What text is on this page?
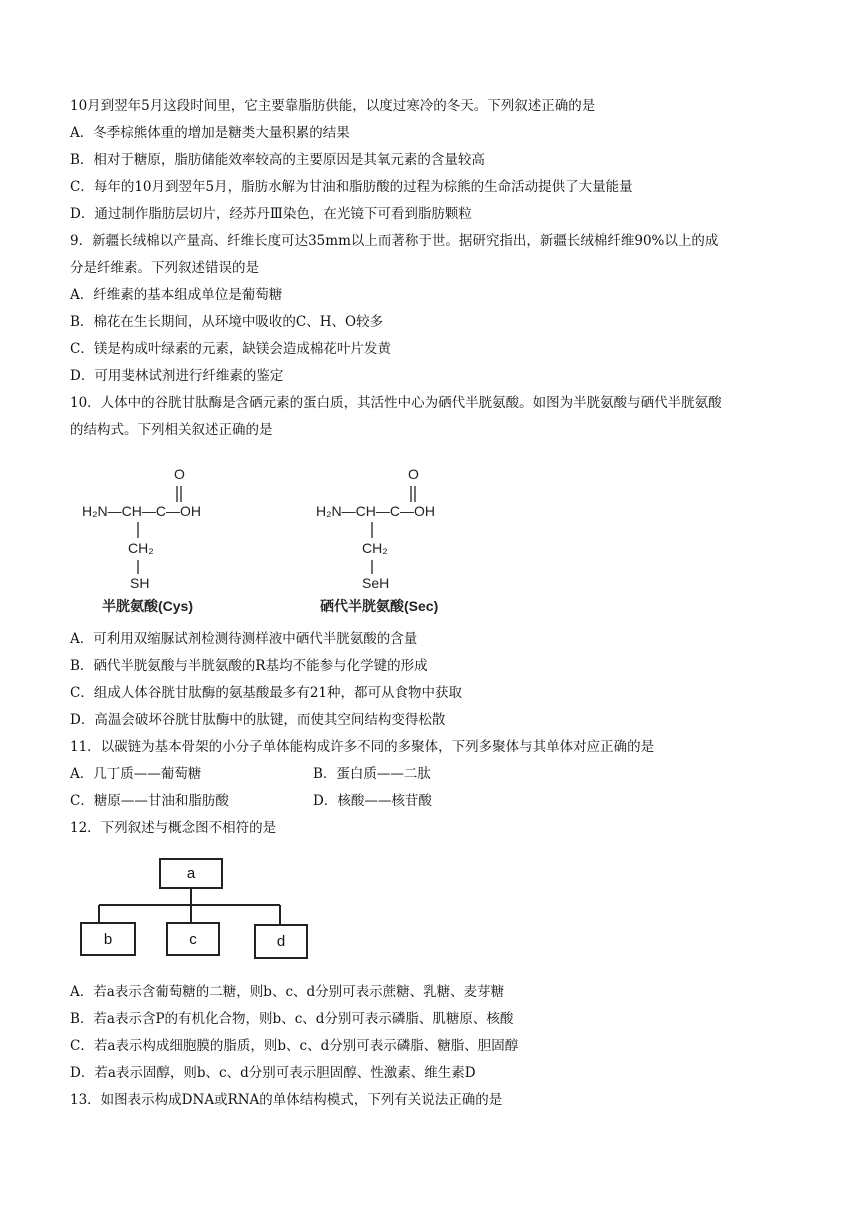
10月到翌年5月这段时间里，它主要靠脂肪供能，以度过寒冷的冬天。下列叙述正确的是
A．冬季棕熊体重的增加是糖类大量积累的结果
B．相对于糖原，脂肪储能效率较高的主要原因是其氧元素的含量较高
C．每年的10月到翌年5月，脂肪水解为甘油和脂肪酸的过程为棕熊的生命活动提供了大量能量
D．通过制作脂肪层切片，经苏丹Ⅲ染色，在光镜下可看到脂肪颗粒
9．新疆长绒棉以产量高、纤维长度可达35mm以上而著称于世。据研究指出，新疆长绒棉纤维90%以上的成
分是纤维素。下列叙述错误的是
A．纤维素的基本组成单位是葡萄糖
B．棉花在生长期间，从环境中吸收的C、H、O较多
C．镁是构成叶绿素的元素，缺镁会造成棉花叶片发黄
D．可用斐林试剂进行纤维素的鉴定
10．人体中的谷胱甘肽酶是含硒元素的蛋白质，其活性中心为硒代半胱氨酸。如图为半胱氨酸与硒代半胱氨酸
的结构式。下列相关叙述正确的是
O
H₂N—CH—C—OH
CH₂
SH
半胱氨酸(Cys)
O
H₂N—CH—C—OH
CH₂
SeH
硒代半胱氨酸(Sec)
A．可利用双缩脲试剂检测待测样液中硒代半胱氨酸的含量
B．硒代半胱氨酸与半胱氨酸的R基均不能参与化学键的形成
C．组成人体谷胱甘肽酶的氨基酸最多有21种，都可从食物中获取
D．高温会破坏谷胱甘肽酶中的肽键，而使其空间结构变得松散
11．以碳链为基本骨架的小分子单体能构成许多不同的多聚体，下列多聚体与其单体对应正确的是
A．几丁质——葡萄糖	B．蛋白质——二肽
C．糖原——甘油和脂肪酸	D．核酸——核苷酸
12．下列叙述与概念图不相符的是
a
b	c	d
A．若a表示含葡萄糖的二糖，则b、c、d分别可表示蔗糖、乳糖、麦芽糖
B．若a表示含P的有机化合物，则b、c、d分别可表示磷脂、肌糖原、核酸
C．若a表示构成细胞膜的脂质，则b、c、d分别可表示磷脂、糖脂、胆固醇
D．若a表示固醇，则b、c、d分别可表示胆固醇、性激素、维生素D
13．如图表示构成DNA或RNA的单体结构模式，下列有关说法正确的是
